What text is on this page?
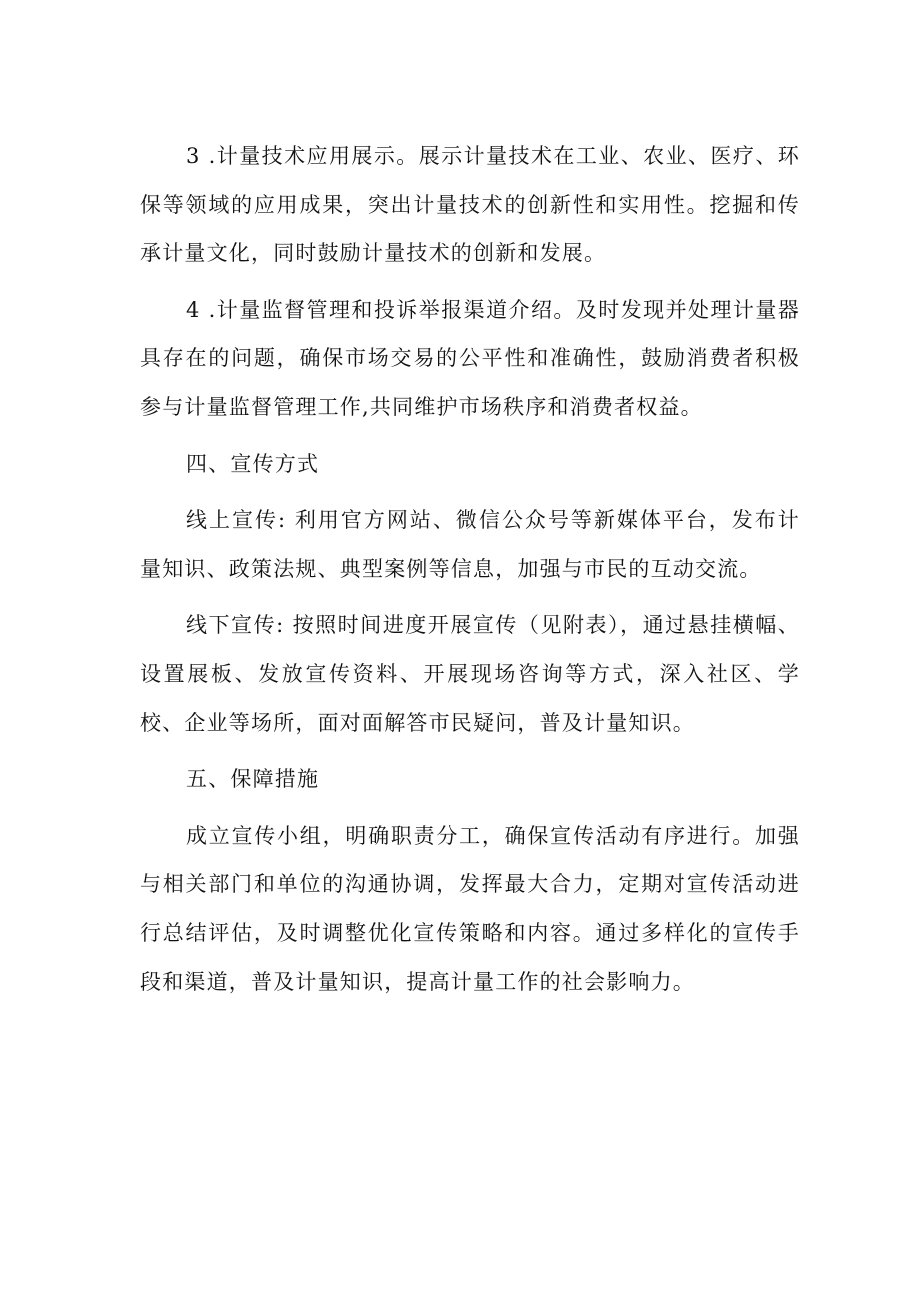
3 .计量技术应用展示。展示计量技术在工业、农业、医疗、环保等领域的应用成果，突出计量技术的创新性和实用性。挖掘和传承计量文化，同时鼓励计量技术的创新和发展。

4 .计量监督管理和投诉举报渠道介绍。及时发现并处理计量器具存在的问题，确保市场交易的公平性和准确性，鼓励消费者积极参与计量监督管理工作,共同维护市场秩序和消费者权益。

四、宣传方式

线上宣传: 利用官方网站、微信公众号等新媒体平台，发布计量知识、政策法规、典型案例等信息，加强与市民的互动交流。

线下宣传: 按照时间进度开展宣传（见附表），通过悬挂横幅、设置展板、发放宣传资料、开展现场咨询等方式，深入社区、学校、企业等场所，面对面解答市民疑问，普及计量知识。

五、保障措施

成立宣传小组，明确职责分工，确保宣传活动有序进行。加强与相关部门和单位的沟通协调，发挥最大合力，定期对宣传活动进行总结评估，及时调整优化宣传策略和内容。通过多样化的宣传手段和渠道，普及计量知识，提高计量工作的社会影响力。
